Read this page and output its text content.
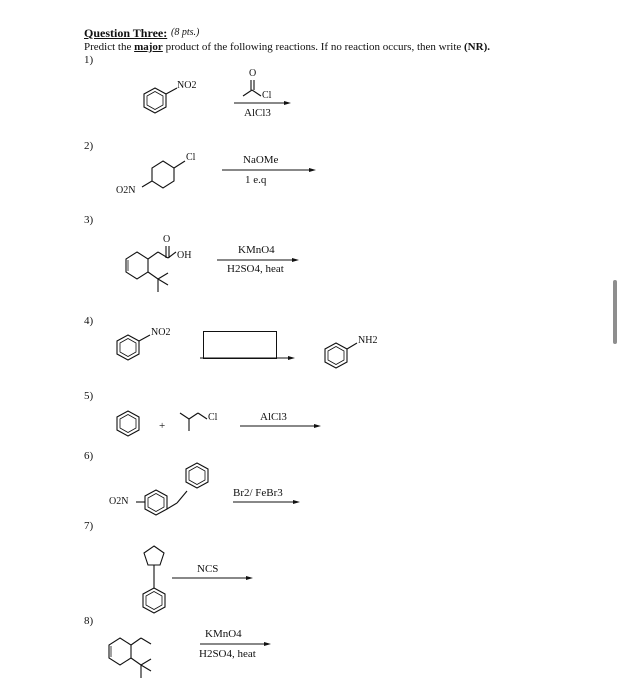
Question Three: (8 pts.)
Predict the major product of the following reactions. If no reaction occurs, then write (NR).
1)
2)
3)
4)
5)
6)
7)
8)
NO2
O
Cl
Cl
O2N
O
OH
NO2
NH2
+
Cl
O2N
AlCl3
NaOMe
1 e.q
KMnO4
H2SO4, heat
AlCl3
Br2/ FeBr3
NCS
KMnO4
H2SO4, heat
